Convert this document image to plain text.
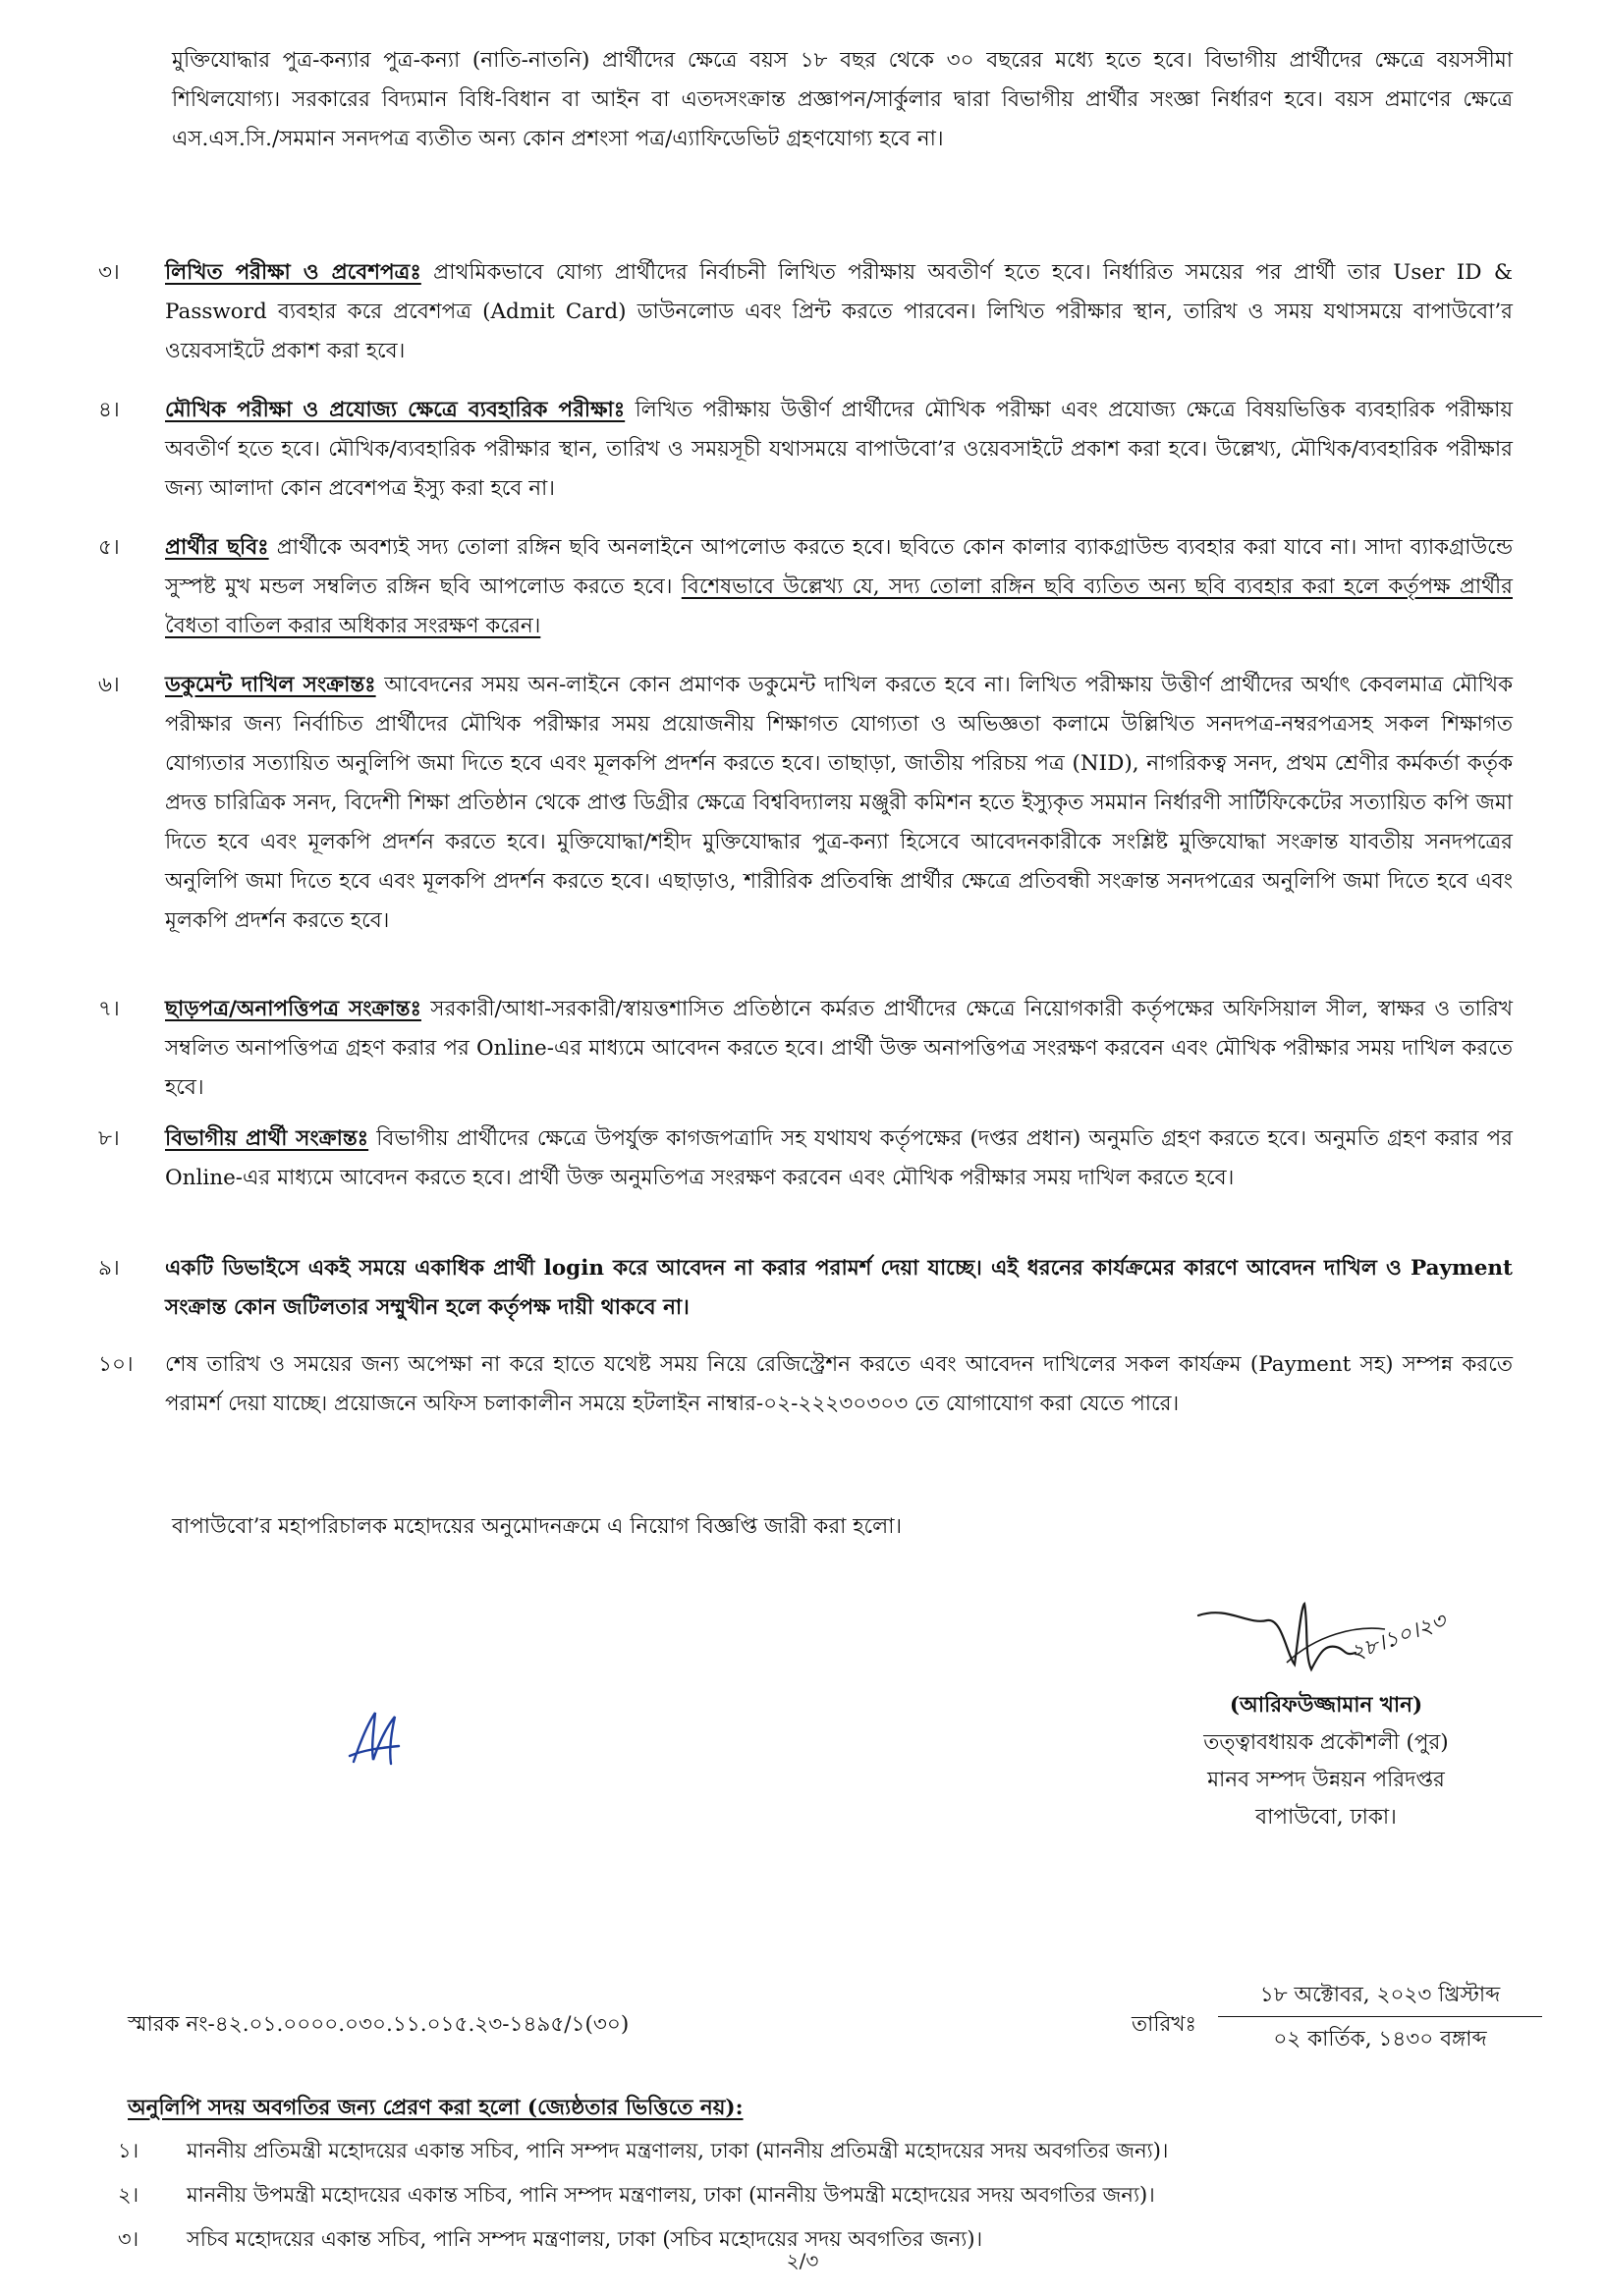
মুক্তিযোদ্ধার পুত্র-কন্যার পুত্র-কন্যা (নাতি-নাতনি) প্রার্থীদের ক্ষেত্রে বয়স ১৮ বছর থেকে ৩০ বছরের মধ্যে হতে হবে। বিভাগীয় প্রার্থীদের ক্ষেত্রে বয়সসীমা শিথিলযোগ্য। সরকারের বিদ্যমান বিধি-বিধান বা আইন বা এতদসংক্রান্ত প্রজ্ঞাপন/সার্কুলার দ্বারা বিভাগীয় প্রার্থীর সংজ্ঞা নির্ধারণ হবে। বয়স প্রমাণের ক্ষেত্রে এস.এস.সি./সমমান সনদপত্র ব্যতীত অন্য কোন প্রশংসা পত্র/এ্যাফিডেভিট গ্রহণযোগ্য হবে না।
৩।	লিখিত পরীক্ষা ও প্রবেশপত্রঃ প্রাথমিকভাবে যোগ্য প্রার্থীদের নির্বাচনী লিখিত পরীক্ষায় অবতীর্ণ হতে হবে। নির্ধারিত সময়ের পর প্রার্থী তার User ID & Password ব্যবহার করে প্রবেশপত্র (Admit Card) ডাউনলোড এবং প্রিন্ট করতে পারবেন। লিখিত পরীক্ষার স্থান, তারিখ ও সময় যথাসময়ে বাপাউবো’র ওয়েবসাইটে প্রকাশ করা হবে।
৪।	মৌখিক পরীক্ষা ও প্রযোজ্য ক্ষেত্রে ব্যবহারিক পরীক্ষাঃ লিখিত পরীক্ষায় উত্তীর্ণ প্রার্থীদের মৌখিক পরীক্ষা এবং প্রযোজ্য ক্ষেত্রে বিষয়ভিত্তিক ব্যবহারিক পরীক্ষায় অবতীর্ণ হতে হবে। মৌখিক/ব্যবহারিক পরীক্ষার স্থান, তারিখ ও সময়সূচী যথাসময়ে বাপাউবো’র ওয়েবসাইটে প্রকাশ করা হবে। উল্লেখ্য, মৌখিক/ব্যবহারিক পরীক্ষার জন্য আলাদা কোন প্রবেশপত্র ইস্যু করা হবে না।
৫।	প্রার্থীর ছবিঃ প্রার্থীকে অবশ্যই সদ্য তোলা রঙ্গিন ছবি অনলাইনে আপলোড করতে হবে। ছবিতে কোন কালার ব্যাকগ্রাউন্ড ব্যবহার করা যাবে না। সাদা ব্যাকগ্রাউন্ডে সুস্পষ্ট মুখ মন্ডল সম্বলিত রঙ্গিন ছবি আপলোড করতে হবে। বিশেষভাবে উল্লেখ্য যে, সদ্য তোলা রঙ্গিন ছবি ব্যতিত অন্য ছবি ব্যবহার করা হলে কর্তৃপক্ষ প্রার্থীর বৈধতা বাতিল করার অধিকার সংরক্ষণ করেন।
৬।	ডকুমেন্ট দাখিল সংক্রান্তঃ আবেদনের সময় অন-লাইনে কোন প্রমাণক ডকুমেন্ট দাখিল করতে হবে না। লিখিত পরীক্ষায় উত্তীর্ণ প্রার্থীদের অর্থাৎ কেবলমাত্র মৌখিক পরীক্ষার জন্য নির্বাচিত প্রার্থীদের মৌখিক পরীক্ষার সময় প্রয়োজনীয় শিক্ষাগত যোগ্যতা ও অভিজ্ঞতা কলামে উল্লিখিত সনদপত্র-নম্বরপত্রসহ সকল শিক্ষাগত যোগ্যতার সত্যায়িত অনুলিপি জমা দিতে হবে এবং মূলকপি প্রদর্শন করতে হবে। তাছাড়া, জাতীয় পরিচয় পত্র (NID), নাগরিকত্ব সনদ, প্রথম শ্রেণীর কর্মকর্তা কর্তৃক প্রদত্ত চারিত্রিক সনদ, বিদেশী শিক্ষা প্রতিষ্ঠান থেকে প্রাপ্ত ডিগ্রীর ক্ষেত্রে বিশ্ববিদ্যালয় মঞ্জুরী কমিশন হতে ইস্যুকৃত সমমান নির্ধারণী সার্টিফিকেটের সত্যায়িত কপি জমা দিতে হবে এবং মূলকপি প্রদর্শন করতে হবে। মুক্তিযোদ্ধা/শহীদ মুক্তিযোদ্ধার পুত্র-কন্যা হিসেবে আবেদনকারীকে সংশ্লিষ্ট মুক্তিযোদ্ধা সংক্রান্ত যাবতীয় সনদপত্রের অনুলিপি জমা দিতে হবে এবং মূলকপি প্রদর্শন করতে হবে। এছাড়াও, শারীরিক প্রতিবন্ধি প্রার্থীর ক্ষেত্রে প্রতিবন্ধী সংক্রান্ত সনদপত্রের অনুলিপি জমা দিতে হবে এবং মূলকপি প্রদর্শন করতে হবে।
৭।	ছাড়পত্র/অনাপত্তিপত্র সংক্রান্তঃ সরকারী/আধা-সরকারী/স্বায়ত্তশাসিত প্রতিষ্ঠানে কর্মরত প্রার্থীদের ক্ষেত্রে নিয়োগকারী কর্তৃপক্ষের অফিসিয়াল সীল, স্বাক্ষর ও তারিখ সম্বলিত অনাপত্তিপত্র গ্রহণ করার পর Online-এর মাধ্যমে আবেদন করতে হবে। প্রার্থী উক্ত অনাপত্তিপত্র সংরক্ষণ করবেন এবং মৌখিক পরীক্ষার সময় দাখিল করতে হবে।
৮।	বিভাগীয় প্রার্থী সংক্রান্তঃ বিভাগীয় প্রার্থীদের ক্ষেত্রে উপর্যুক্ত কাগজপত্রাদি সহ যথাযথ কর্তৃপক্ষের (দপ্তর প্রধান) অনুমতি গ্রহণ করতে হবে। অনুমতি গ্রহণ করার পর Online-এর মাধ্যমে আবেদন করতে হবে। প্রার্থী উক্ত অনুমতিপত্র সংরক্ষণ করবেন এবং মৌখিক পরীক্ষার সময় দাখিল করতে হবে।
৯।	একটি ডিভাইসে একই সময়ে একাধিক প্রার্থী login করে আবেদন না করার পরামর্শ দেয়া যাচ্ছে। এই ধরনের কার্যক্রমের কারণে আবেদন দাখিল ও Payment সংক্রান্ত কোন জটিলতার সম্মুখীন হলে কর্তৃপক্ষ দায়ী থাকবে না।
১০।	শেষ তারিখ ও সময়ের জন্য অপেক্ষা না করে হাতে যথেষ্ট সময় নিয়ে রেজিস্ট্রেশন করতে এবং আবেদন দাখিলের সকল কার্যক্রম (Payment সহ) সম্পন্ন করতে পরামর্শ দেয়া যাচ্ছে। প্রয়োজনে অফিস চলাকালীন সময়ে হটলাইন নাম্বার-০২-২২২৩০৩০৩ তে যোগাযোগ করা যেতে পারে।
বাপাউবো’র মহাপরিচালক মহোদয়ের অনুমোদনক্রমে এ নিয়োগ বিজ্ঞপ্তি জারী করা হলো।
২৮।১০।২৩
(আরিফউজ্জামান খান)
তত্ত্বাবধায়ক প্রকৌশলী (পুর)
মানব সম্পদ উন্নয়ন পরিদপ্তর
বাপাউবো, ঢাকা।
স্মারক নং-৪২.০১.০০০০.০৩০.১১.০১৫.২৩-১৪৯৫/১(৩০)	তারিখঃ
১৮ অক্টোবর, ২০২৩ খ্রিস্টাব্দ
০২ কার্তিক, ১৪৩০ বঙ্গাব্দ
অনুলিপি সদয় অবগতির জন্য প্রেরণ করা হলো (জ্যেষ্ঠতার ভিত্তিতে নয়):
১। মাননীয় প্রতিমন্ত্রী মহোদয়ের একান্ত সচিব, পানি সম্পদ মন্ত্রণালয়, ঢাকা (মাননীয় প্রতিমন্ত্রী মহোদয়ের সদয় অবগতির জন্য)।
২। মাননীয় উপমন্ত্রী মহোদয়ের একান্ত সচিব, পানি সম্পদ মন্ত্রণালয়, ঢাকা (মাননীয় উপমন্ত্রী মহোদয়ের সদয় অবগতির জন্য)।
৩। সচিব মহোদয়ের একান্ত সচিব, পানি সম্পদ মন্ত্রণালয়, ঢাকা (সচিব মহোদয়ের সদয় অবগতির জন্য)।
২/৩
